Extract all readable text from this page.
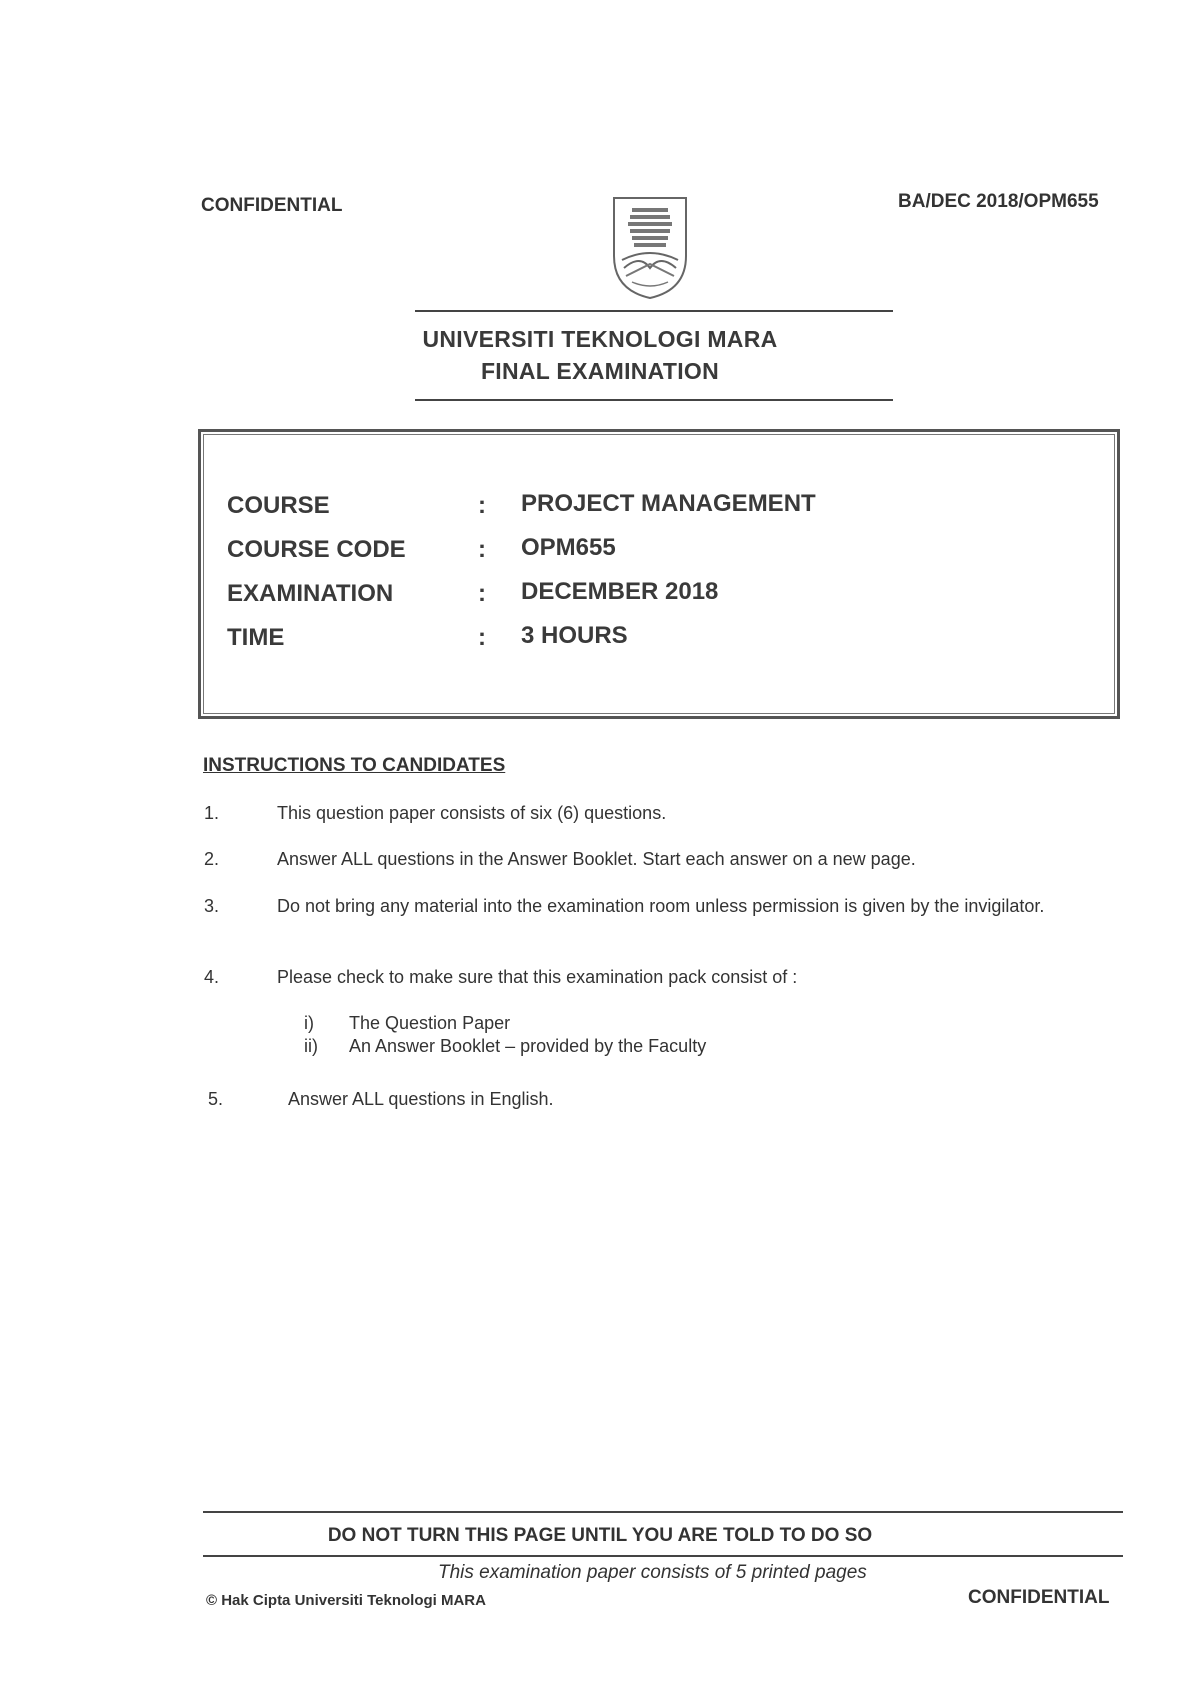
CONFIDENTIAL	BA/DEC 2018/OPM655
UNIVERSITI TEKNOLOGI MARA
FINAL EXAMINATION
COURSE	: PROJECT MANAGEMENT
COURSE CODE	: OPM655
EXAMINATION	: DECEMBER 2018
TIME	: 3 HOURS
INSTRUCTIONS TO CANDIDATES
1.	This question paper consists of six (6) questions.
2.	Answer ALL questions in the Answer Booklet. Start each answer on a new page.
3.	Do not bring any material into the examination room unless permission is given by the invigilator.
4.	Please check to make sure that this examination pack consist of :
i) The Question Paper
ii) An Answer Booklet – provided by the Faculty
5.	Answer ALL questions in English.
DO NOT TURN THIS PAGE UNTIL YOU ARE TOLD TO DO SO
This examination paper consists of 5 printed pages
© Hak Cipta Universiti Teknologi MARA	CONFIDENTIAL
